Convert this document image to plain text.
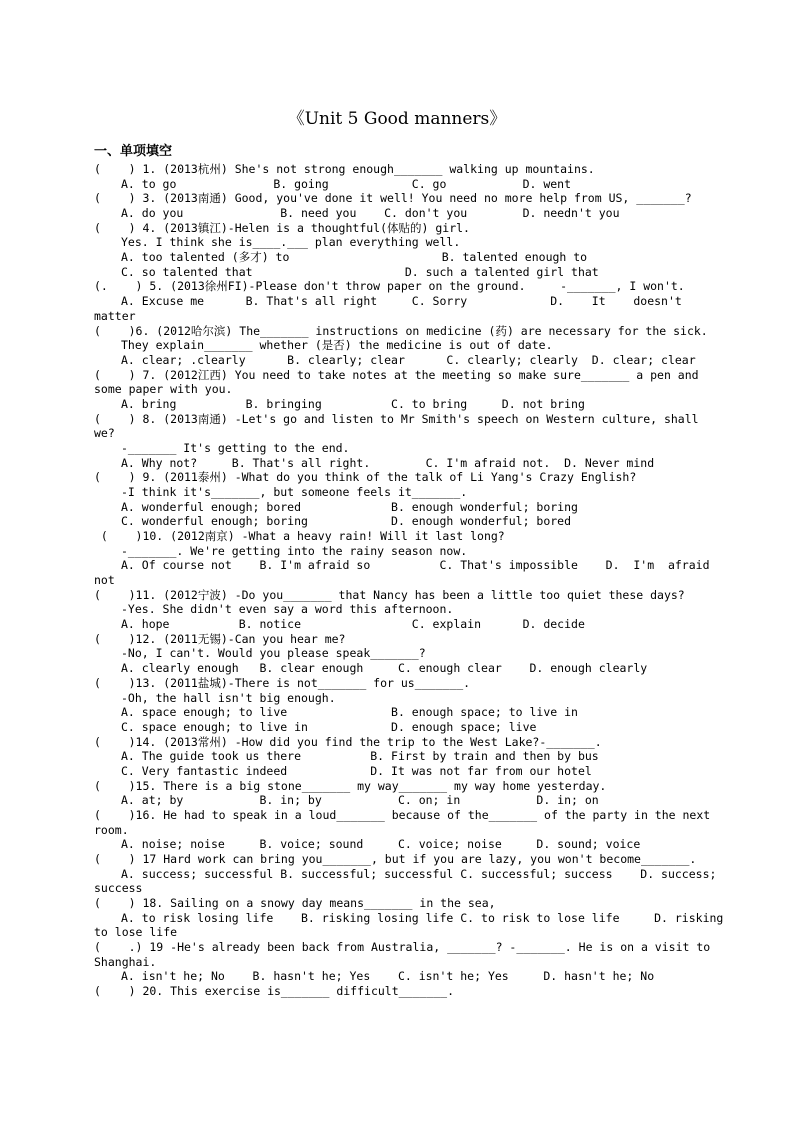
《Unit 5 Good manners》
一、单项填空
(    ) 1. (2013杭州) She's not strong enough_______ walking up mountains.
A. to go              B. going            C. go           D. went
(    ) 3. (2013南通) Good, you've done it well! You need no more help from US, _______?
A. do you              B. need you    C. don't you        D. needn't you
(    ) 4. (2013镇江)-Helen is a thoughtful(体贴的) girl.
Yes. I think she is____.___ plan everything well.
A. too talented (多才) to                      B. talented enough to
C. so talented that                      D. such a talented girl that
(.    ) 5. (2013徐州FI)-Please don't throw paper on the ground.     -_______, I won't.
A. Excuse me      B. That's all right     C. Sorry            D.    It    doesn't
matter
(    )6. (2012哈尔滨) The_______ instructions on medicine (药) are necessary for the sick.
They explain_______ whether (是否) the medicine is out of date.
A. clear; .clearly      B. clearly; clear      C. clearly; clearly  D. clear; clear
(    ) 7. (2012江西) You need to take notes at the meeting so make sure_______ a pen and
some paper with you.
A. bring          B. bringing          C. to bring     D. not bring
(    ) 8. (2013南通) -Let's go and listen to Mr Smith's speech on Western culture, shall
we?
-_______ It's getting to the end.
A. Why not?     B. That's all right.        C. I'm afraid not.  D. Never mind
(    ) 9. (2011泰州) -What do you think of the talk of Li Yang's Crazy English?
-I think it's_______, but someone feels it_______.
A. wonderful enough; bored             B. enough wonderful; boring
C. wonderful enough; boring            D. enough wonderful; bored
(    )10. (2012南京) -What a heavy rain! Will it last long?
-_______. We're getting into the rainy season now.
A. Of course not    B. I'm afraid so          C. That's impossible    D.  I'm  afraid
not
(    )11. (2012宁波) -Do you_______ that Nancy has been a little too quiet these days?
-Yes. She didn't even say a word this afternoon.
A. hope          B. notice                C. explain      D. decide
(    )12. (2011无锡)-Can you hear me?
-No, I can't. Would you please speak_______?
A. clearly enough   B. clear enough     C. enough clear    D. enough clearly
(    )13. (2011盐城)-There is not_______ for us_______.
-Oh, the hall isn't big enough.
A. space enough; to live               B. enough space; to live in
C. space enough; to live in            D. enough space; live
(    )14. (2013常州) -How did you find the trip to the West Lake?-_______.
A. The guide took us there          B. First by train and then by bus
C. Very fantastic indeed            D. It was not far from our hotel
(    )15. There is a big stone_______ my way_______ my way home yesterday.
A. at; by           B. in; by           C. on; in           D. in; on
(    )16. He had to speak in a loud_______ because of the_______ of the party in the next
room.
A. noise; noise     B. voice; sound     C. voice; noise     D. sound; voice
(    ) 17 Hard work can bring you_______, but if you are lazy, you won't become_______.
A. success; successful B. successful; successful C. successful; success    D. success;
success
(    ) 18. Sailing on a snowy day means_______ in the sea,
A. to risk losing life    B. risking losing life C. to risk to lose life     D. risking
to lose life
(    .) 19 -He's already been back from Australia, _______? -_______. He is on a visit to
Shanghai.
A. isn't he; No    B. hasn't he; Yes    C. isn't he; Yes     D. hasn't he; No
(    ) 20. This exercise is_______ difficult_______.
